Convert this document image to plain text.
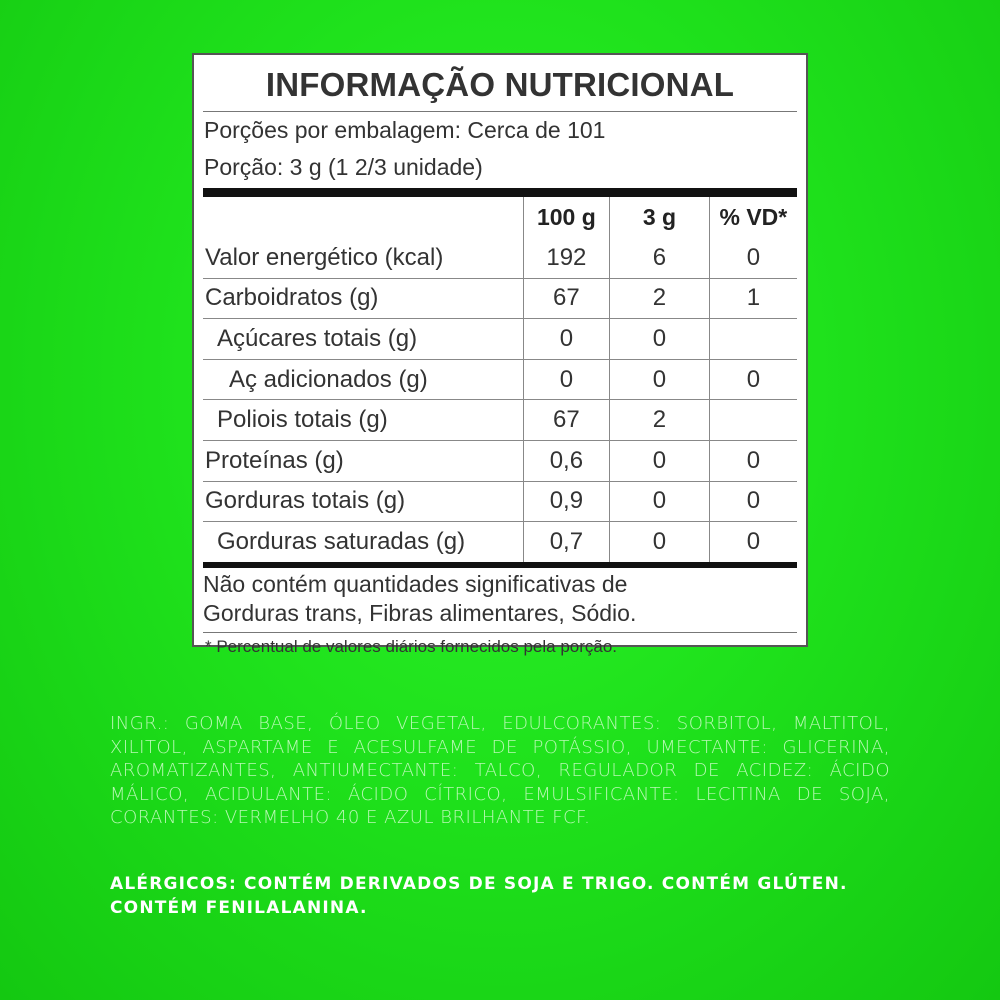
INFORMAÇÃO NUTRICIONAL
Porções por embalagem: Cerca de 101
Porção: 3 g (1 2/3 unidade)
	100 g	3 g	% VD*
Valor energético (kcal)	192	6	0
Carboidratos (g)	67	2	1
Açúcares totais (g)	0	0	
Aç adicionados (g)	0	0	0
Poliois totais (g)	67	2	
Proteínas (g)	0,6	0	0
Gorduras totais (g)	0,9	0	0
Gorduras saturadas (g)	0,7	0	0
Não contém quantidades significativas de
Gorduras trans, Fibras alimentares, Sódio.
* Percentual de valores diários fornecidos pela porção.
INGR.: GOMA BASE, ÓLEO VEGETAL, EDULCORANTES: SORBITOL, MALTITOL, XILITOL, ASPARTAME E ACESULFAME DE POTÁSSIO, UMECTANTE: GLICERINA, AROMATIZANTES, ANTIUMECTANTE: TALCO, REGULADOR DE ACIDEZ: ÁCIDO MÁLICO, ACIDULANTE: ÁCIDO CÍTRICO, EMULSIFICANTE: LECITINA DE SOJA, CORANTES: VERMELHO 40 E AZUL BRILHANTE FCF.
ALÉRGICOS: CONTÉM DERIVADOS DE SOJA E TRIGO. CONTÉM GLÚTEN.
CONTÉM FENILALANINA.
